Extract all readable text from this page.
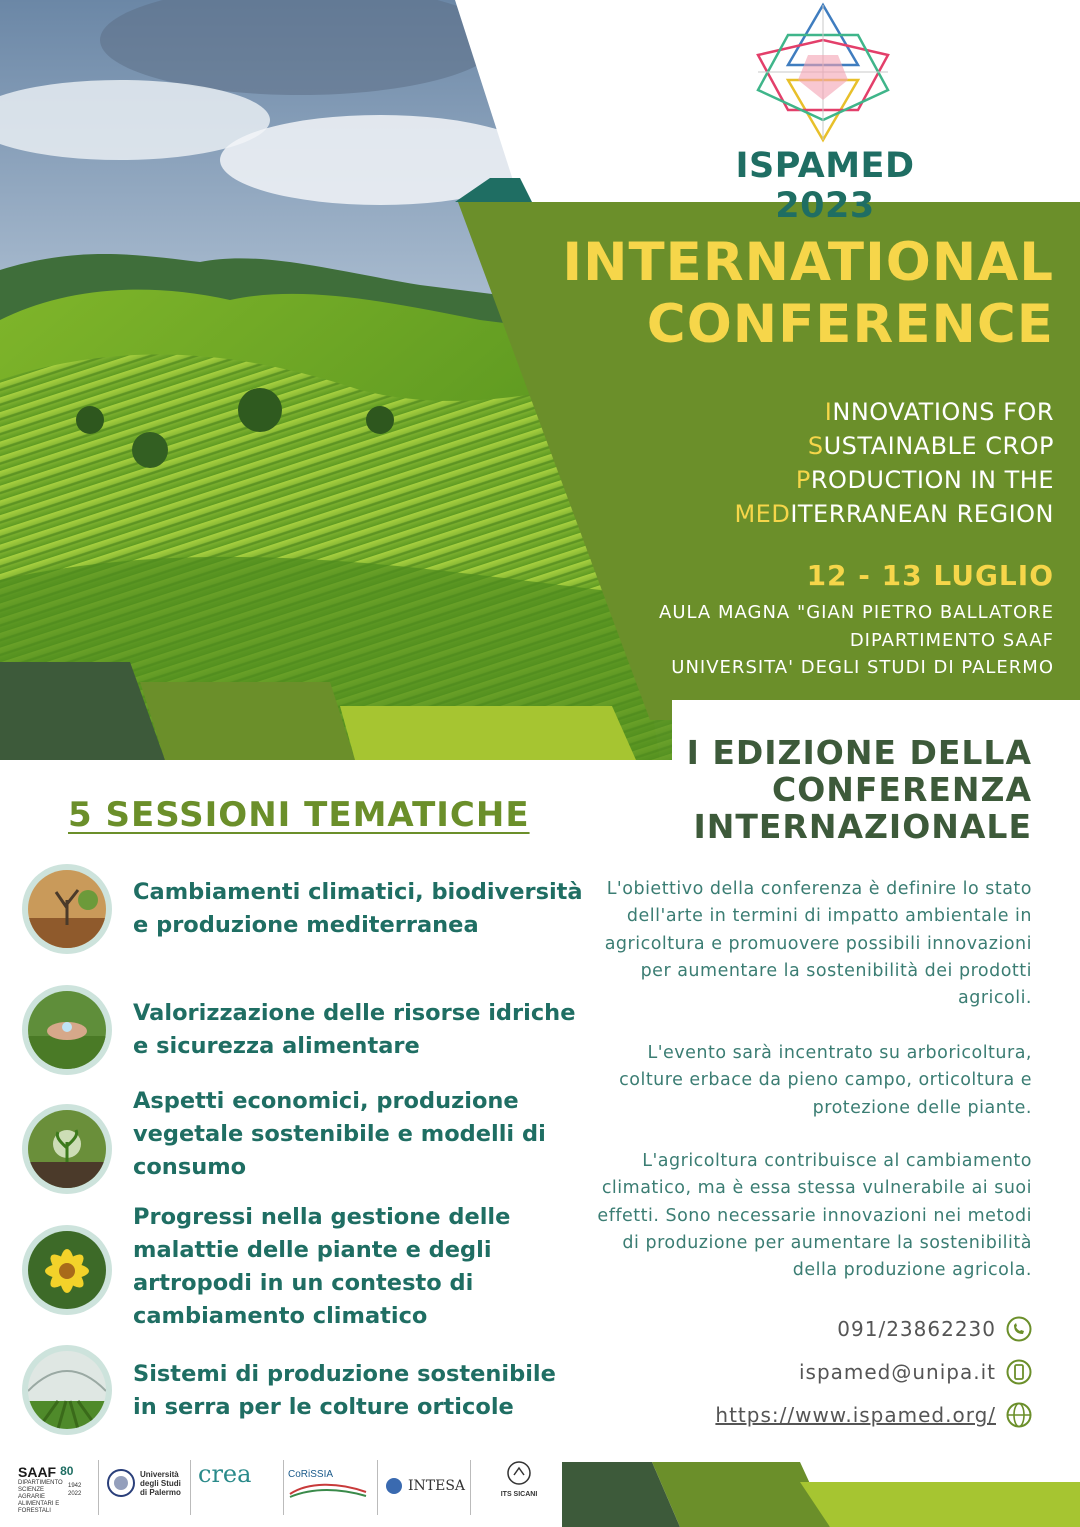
ISPAMED 2023
INTERNATIONAL
CONFERENCE
INNOVATIONS FOR
SUSTAINABLE CROP
PRODUCTION IN THE
MEDITERRANEAN REGION
12 - 13 LUGLIO
AULA MAGNA "GIAN PIETRO BALLATORE
DIPARTIMENTO SAAF
UNIVERSITA' DEGLI STUDI DI PALERMO
I EDIZIONE DELLA
CONFERENZA
INTERNAZIONALE
5 SESSIONI TEMATICHE
Cambiamenti climatici, biodiversità e produzione mediterranea
Valorizzazione delle risorse idriche e sicurezza alimentare
Aspetti economici, produzione vegetale sostenibile e modelli di consumo
Progressi nella gestione delle malattie delle piante e degli artropodi in un contesto di cambiamento climatico
Sistemi di produzione sostenibile in serra per le colture orticole
L'obiettivo della conferenza è definire lo stato dell'arte in termini di impatto ambientale in agricoltura e promuovere possibili innovazioni per aumentare la sostenibilità dei prodotti agricoli.
L'evento sarà incentrato su arboricoltura, colture erbace da pieno campo, orticoltura e protezione delle piante.
L'agricoltura contribuisce al cambiamento climatico, ma è essa stessa vulnerabile ai suoi effetti. Sono necessarie innovazioni nei metodi di produzione per aumentare la sostenibilità della produzione agricola.
091/23862230
ispamed@unipa.it
https://www.ispamed.org/
SAAF 80
DIPARTIMENTO SCIENZE AGRARIE ALIMENTARI E FORESTALI
1942 2022
Università degli Studi di Palermo
crea	CoRiSSIA
INTESA
ITS SICANI
